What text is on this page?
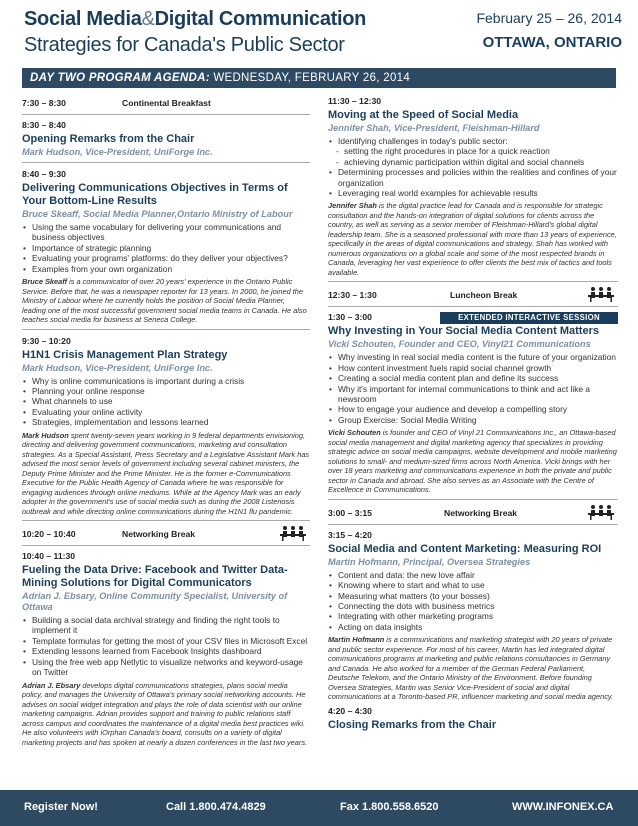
Social Media&Digital Communication
Strategies for Canada's Public Sector
February 25 – 26, 2014
OTTAWA, ONTARIO
DAY TWO PROGRAM AGENDA: WEDNESDAY, FEBRUARY 26, 2014
7:30 – 8:30	Continental Breakfast
8:30 – 8:40
Opening Remarks from the Chair
Mark Hudson, Vice-President, UniForge Inc.
8:40 – 9:30
Delivering Communications Objectives in Terms of Your Bottom-Line Results
Bruce Skeaff, Social Media Planner,Ontario Ministry of Labour
• Using the same vocabulary for delivering your communications and business objectives
• Importance of strategic planning
• Evaluating your programs' platforms: do they deliver your objectives?
• Examples from your own organization
Bruce Skeaff is a communicator of over 20 years' experience in the Ontario Public Service. Before that, he was a newspaper reporter for 13 years. In 2000, he joined the Ministry of Labour where he currently holds the position of Social Media Planner, leading one of the most successful government social media teams in Canada. He also teaches social media for business at Seneca College.
9:30 – 10:20
H1N1 Crisis Management Plan Strategy
Mark Hudson, Vice-President, UniForge Inc.
• Why is online communications is important during a crisis
• Planning your online response
• What channels to use
• Evaluating your online activity
• Strategies, implementation and lessons learned
Mark Hudson spent twenty-seven years working in 9 federal departments envisioning, directing and delivering government communications, marketing and consultation strategies. As a Special Assistant, Press Secretary and a Legislative Assistant Mark has advised the most senior levels of government including several cabinet ministers, the Deputy Prime Minister and the Prime Minister. He is the former e-Communications Executive for the Public Health Agency of Canada where he was responsible for engaging audiences through online mediums. While at the Agency Mark was an early adopter in the government's use of social media such as during the 2008 Listeriosis outbreak and while directing online communications during the H1N1 flu pandemic.
10:20 – 10:40	Networking Break
10:40 – 11:30
Fueling the Data Drive: Facebook and Twitter Data-Mining Solutions for Digital Communicators
Adrian J. Ebsary, Online Community Specialist, University of Ottawa
• Building a social data archival strategy and finding the right tools to implement it
• Template formulas for getting the most of your CSV files in Microsoft Excel
• Extending lessons learned from Facebook Insights dashboard
• Using the free web app Netlytic to visualize networks and keyword-usage on Twitter
Adrian J. Ebsary develops digital communications strategies, plans social media policy, and manages the University of Ottawa's primary social networking accounts. He advises on social widget integration and plays the role of data scientist with our online marketing campaigns. Adrian provides support and training to public relations staff across campus and coordinates the maintenance of a digital media best practices wiki. He also volunteers with iOrphan Canada's board, consults on a variety of digital marketing projects and has spoken at nearly a dozen conferences in the last two years.
11:30 – 12:30
Moving at the Speed of Social Media
Jennifer Shah, Vice-President, Fleishman-Hillard
• Identifying challenges in today's public sector:
- setting the right procedures in place for a quick reaction
- achieving dynamic participation within digital and social channels
• Determining processes and policies within the realities and confines of your organization
• Leveraging real world examples for achievable results
Jennifer Shah is the digital practice lead for Canada and is responsible for strategic consultation and the hands-on integration of digital solutions for clients across the country, as well as serving as a senior member of Fleishman-Hillard's global digital leadership team. She is a seasoned professional with more than 13 years of experience, specifically in the areas of digital communications and strategy. Shah has worked with numerous organizations on a global scale and some of the most respected brands in Canada, leveraging her vast experience to offer clients the best mix of tactics and tools available.
12:30 – 1:30	Luncheon Break
1:30 – 3:00	EXTENDED INTERACTIVE SESSION
Why Investing in Your Social Media Content Matters
Vicki Schouten, Founder and CEO, Vinyl21 Communications
• Why investing in real social media content is the future of your organization
• How content investment fuels rapid social channel growth
• Creating a social media content plan and define its success
• Why it's important for internal communications to think and act like a newsroom
• How to engage your audience and develop a compelling story
• Group Exercise: Social Media Writing
Vicki Schouten is founder and CEO of Vinyl 21 Communications Inc., an Ottawa-based social media management and digital marketing agency that specializes in providing strategic advice on social media campaigns, website development and mobile marketing solutions to small- and medium-sized firms across North America. Vicki brings with her over 18 years marketing and communications experience in both the private and public sector in Canada and abroad. She also serves as an Associate with the Centre of Excellence in Communications.
3:00 – 3:15	Networking Break
3:15 – 4:20
Social Media and Content Marketing: Measuring ROI
Martin Hofmann, Principal, Oversea Strategies
• Content and data: the new love affair
• Knowing where to start and what to use
• Measuring what matters (to your bosses)
• Connecting the dots with business metrics
• Integrating with other marketing programs
• Acting on data insights
Martin Hofmann is a communications and marketing strategist with 20 years of private and public sector experience. For most of his career, Martin has led integrated digital communications programs at marketing and public relations consultancies in Germany and Canada. He also worked for a member of the German Federal Parliament, Deutsche Telekom, and the Ontario Ministry of the Environment. Before founding Oversea Strategies, Martin was Senior Vice-President of social and digital communications at a Toronto-based PR, influencer marketing and social media agency.
4:20 – 4:30
Closing Remarks from the Chair
Register Now!	Call 1.800.474.4829	Fax 1.800.558.6520	WWW.INFONEX.CA
